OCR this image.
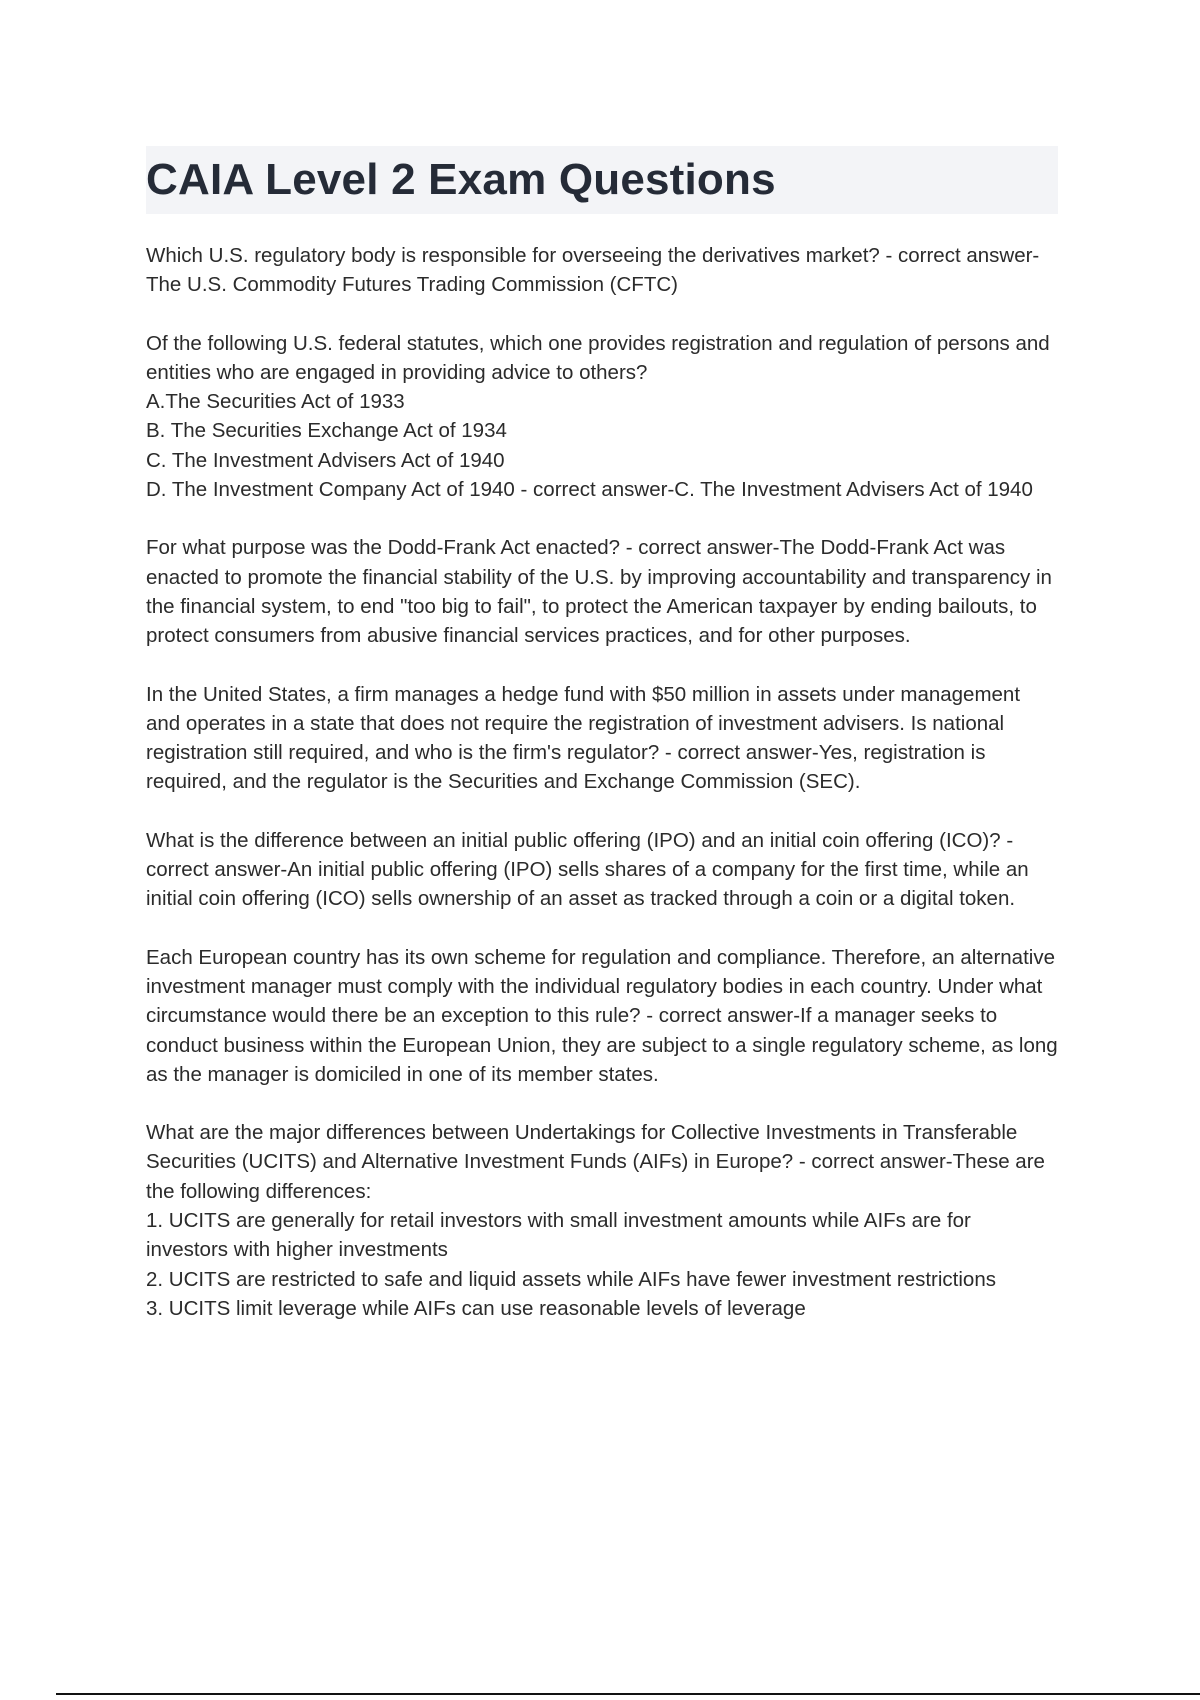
CAIA Level 2 Exam Questions

Which U.S. regulatory body is responsible for overseeing the derivatives market? - correct answer-The U.S. Commodity Futures Trading Commission (CFTC)

Of the following U.S. federal statutes, which one provides registration and regulation of persons and entities who are engaged in providing advice to others?
A.The Securities Act of 1933
B. The Securities Exchange Act of 1934
C. The Investment Advisers Act of 1940
D. The Investment Company Act of 1940 - correct answer-C. The Investment Advisers Act of 1940

For what purpose was the Dodd-Frank Act enacted? - correct answer-The Dodd-Frank Act was enacted to promote the financial stability of the U.S. by improving accountability and transparency in the financial system, to end "too big to fail", to protect the American taxpayer by ending bailouts, to protect consumers from abusive financial services practices, and for other purposes.

In the United States, a firm manages a hedge fund with $50 million in assets under management and operates in a state that does not require the registration of investment advisers. Is national registration still required, and who is the firm's regulator? - correct answer-Yes, registration is required, and the regulator is the Securities and Exchange Commission (SEC).

What is the difference between an initial public offering (IPO) and an initial coin offering (ICO)? - correct answer-An initial public offering (IPO) sells shares of a company for the first time, while an initial coin offering (ICO) sells ownership of an asset as tracked through a coin or a digital token.

Each European country has its own scheme for regulation and compliance. Therefore, an alternative investment manager must comply with the individual regulatory bodies in each country. Under what circumstance would there be an exception to this rule? - correct answer-If a manager seeks to conduct business within the European Union, they are subject to a single regulatory scheme, as long as the manager is domiciled in one of its member states.

What are the major differences between Undertakings for Collective Investments in Transferable Securities (UCITS) and Alternative Investment Funds (AIFs) in Europe? - correct answer-These are the following differences:
1. UCITS are generally for retail investors with small investment amounts while AIFs are for investors with higher investments
2. UCITS are restricted to safe and liquid assets while AIFs have fewer investment restrictions
3. UCITS limit leverage while AIFs can use reasonable levels of leverage
